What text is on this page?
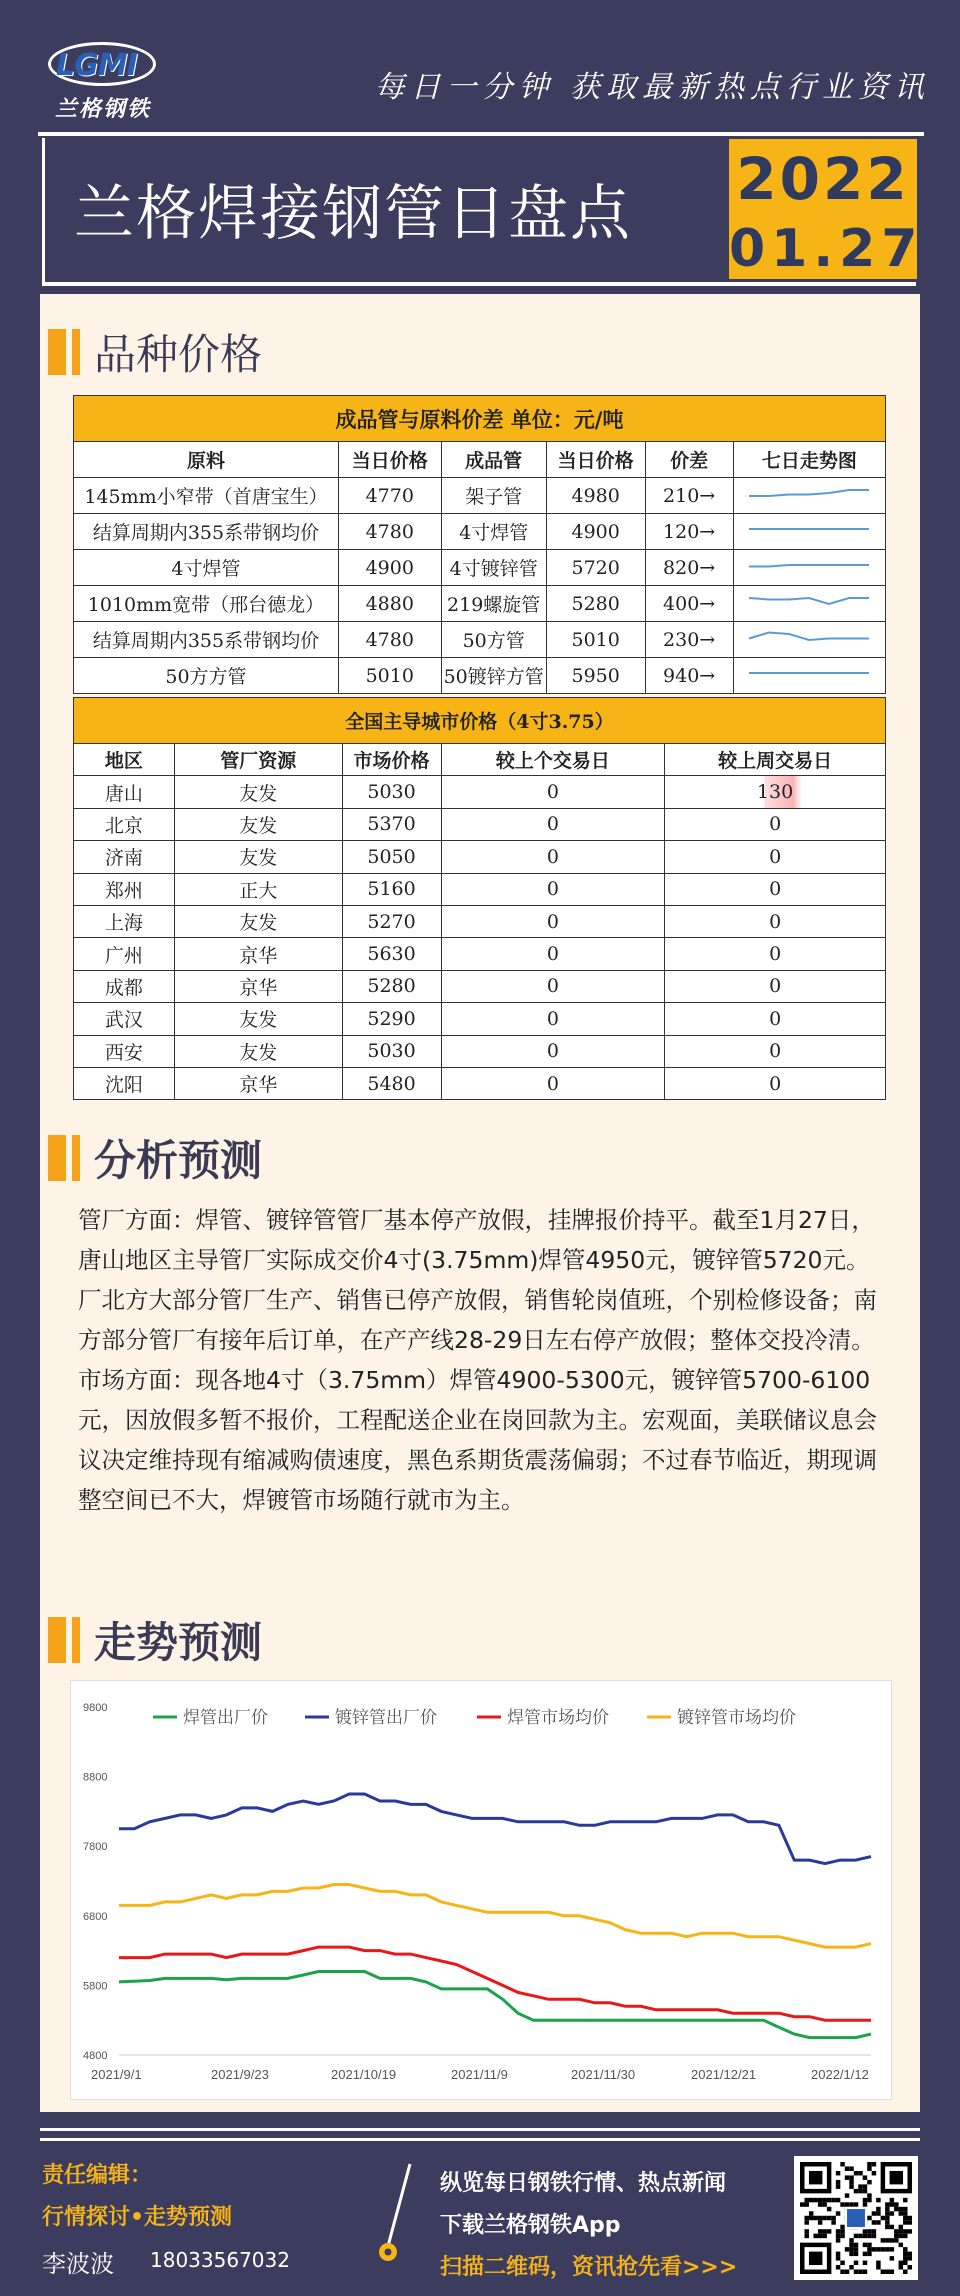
LGMI
兰格钢铁
每日一分钟 获取最新热点行业资讯
兰格焊接钢管日盘点 2022
01.27
品种价格
成品管与原料价差 单位：元/吨					
原料	当日价格	成品管	当日价格	价差	七日走势图
145mm小窄带（首唐宝生）	4770	架子管	4980	210→	
结算周期内355系带钢均价	4780	4寸焊管	4900	120→	
4寸焊管	4900	4寸镀锌管	5720	820→	
1010mm宽带（邢台德龙）	4880	219螺旋管	5280	400→	
结算周期内355系带钢均价	4780	50方管	5010	230→	
50方方管	5010	50镀锌方管	5950	940→	
全国主导城市价格（4寸3.75）				
地区	管厂资源	市场价格	较上个交易日	较上周交易日
唐山	友发	5030	0	130
北京	友发	5370	0	0
济南	友发	5050	0	0
郑州	正大	5160	0	0
上海	友发	5270	0	0
广州	京华	5630	0	0
成都	京华	5280	0	0
武汉	友发	5290	0	0
西安	友发	5030	0	0
沈阳	京华	5480	0	0
分析预测

管厂方面：焊管、镀锌管管厂基本停产放假，挂牌报价持平。截至1月27日，唐山地区主导管厂实际成交价4寸(3.75mm)焊管4950元，镀锌管5720元。厂北方大部分管厂生产、销售已停产放假，销售轮岗值班，个别检修设备；南方部分管厂有接年后订单，在产产线28-29日左右停产放假；整体交投冷清。

市场方面：现各地4寸（3.75mm）焊管4900-5300元，镀锌管5700-6100元，因放假多暂不报价，工程配送企业在岗回款为主。宏观面，美联储议息会议决定维持现有缩减购债速度，黑色系期货震荡偏弱；不过春节临近，期现调整空间已不大，焊镀管市场随行就市为主。

走势预测
9800
8800
7800
6800
5800
4800
2021/9/1	2021/9/23	2021/10/19	2021/11/9	2021/11/30	2021/12/21	2022/1/12
焊管出厂价	镀锌管出厂价	焊管市场均价	镀锌管市场均价
责任编辑：
行情探讨•走势预测
李波波 18033567032
纵览每日钢铁行情、热点新闻
下载兰格钢铁App
扫描二维码，资讯抢先看>>>
